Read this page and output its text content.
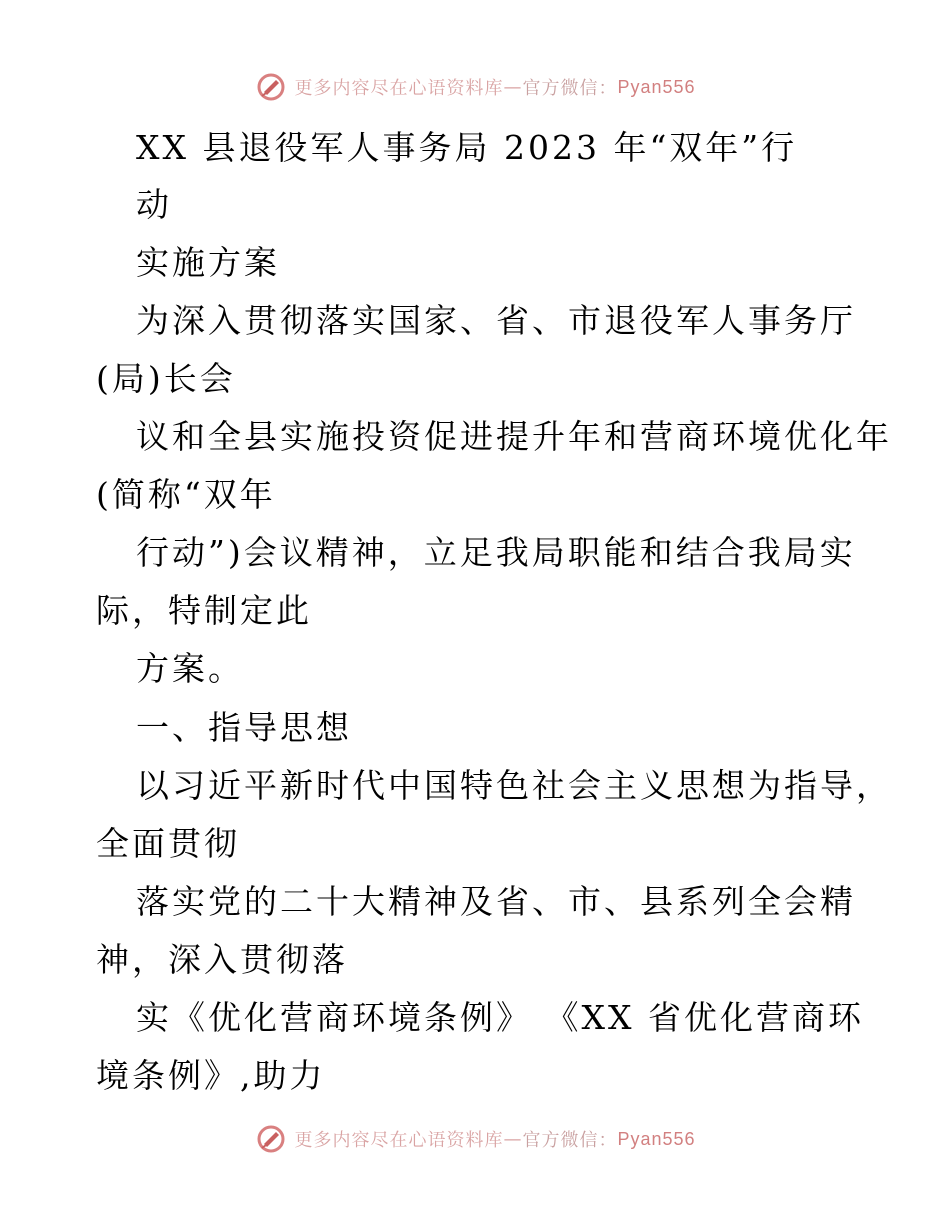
更多内容尽在心语资料库 — 官方微信： Pyan556
XX 县退役军人事务局 2023 年“双年”行
动
实施方案
为深入贯彻落实国家、省、市退役军人事务厅
(局)长会
议和全县实施投资促进提升年和营商环境优化年
(简称“双年
行动”)会议精神，立足我局职能和结合我局实
际，特制定此
方案。
一、指导思想
以习近平新时代中国特色社会主义思想为指导，
全面贯彻
落实党的二十大精神及省、市、县系列全会精
神，深入贯彻落
实《优化营商环境条例》 《XX 省优化营商环
境条例》,助力
更多内容尽在心语资料库 — 官方微信： Pyan556
